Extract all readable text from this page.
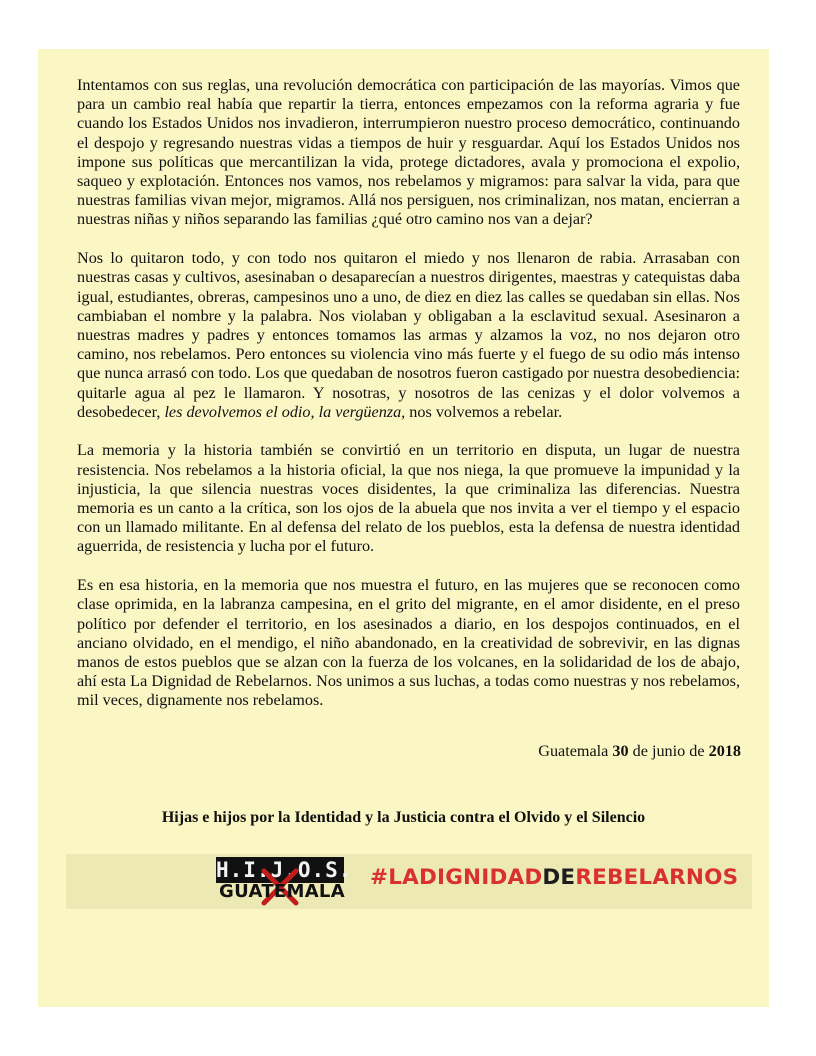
Intentamos con sus reglas, una revolución democrática con participación de las mayorías. Vimos que para un cambio real había que repartir la tierra, entonces empezamos con la reforma agraria y fue cuando los Estados Unidos nos invadieron, interrumpieron nuestro proceso democrático, continuando el despojo y regresando nuestras vidas a tiempos de huir y resguardar. Aquí los Estados Unidos nos impone sus políticas que mercantilizan la vida, protege dictadores, avala y promociona el expolio, saqueo y explotación. Entonces nos vamos, nos rebelamos y migramos: para salvar la vida, para que nuestras familias vivan mejor, migramos. Allá nos persiguen, nos criminalizan, nos matan, encierran a nuestras niñas y niños separando las familias ¿qué otro camino nos van a dejar?

Nos lo quitaron todo, y con todo nos quitaron el miedo y nos llenaron de rabia. Arrasaban con nuestras casas y cultivos, asesinaban o desaparecían a nuestros dirigentes, maestras y catequistas daba igual, estudiantes, obreras, campesinos uno a uno, de diez en diez las calles se quedaban sin ellas. Nos cambiaban el nombre y la palabra. Nos violaban y obligaban a la esclavitud sexual. Asesinaron a nuestras madres y padres y entonces tomamos las armas y alzamos la voz, no nos dejaron otro camino, nos rebelamos. Pero entonces su violencia vino más fuerte y el fuego de su odio más intenso que nunca arrasó con todo. Los que quedaban de nosotros fueron castigado por nuestra desobediencia: quitarle agua al pez le llamaron. Y nosotras, y nosotros de las cenizas y el dolor volvemos a desobedecer, les devolvemos el odio, la vergüenza, nos volvemos a rebelar.

La memoria y la historia también se convirtió en un territorio en disputa, un lugar de nuestra resistencia. Nos rebelamos a la historia oficial, la que nos niega, la que promueve la impunidad y la injusticia, la que silencia nuestras voces disidentes, la que criminaliza las diferencias. Nuestra memoria es un canto a la crítica, son los ojos de la abuela que nos invita a ver el tiempo y el espacio con un llamado militante. En al defensa del relato de los pueblos, esta la defensa de nuestra identidad aguerrida, de resistencia y lucha por el futuro.

Es en esa historia, en la memoria que nos muestra el futuro, en las mujeres que se reconocen como clase oprimida, en la labranza campesina, en el grito del migrante, en el amor disidente, en el preso político por defender el territorio, en los asesinados a diario, en los despojos continuados, en el anciano olvidado, en el mendigo, el niño abandonado, en la creatividad de sobrevivir, en las dignas manos de estos pueblos que se alzan con la fuerza de los volcanes, en la solidaridad de los de abajo, ahí esta La Dignidad de Rebelarnos. Nos unimos a sus luchas, a todas como nuestras y nos rebelamos, mil veces, dignamente nos rebelamos.

Guatemala 30 de junio de 2018
Hijas e hijos por la Identidad y la Justicia contra el Olvido y el Silencio
H.I.J.O.S.
GUATEMALA
#LADIGNIDADDEREBELARNOS
